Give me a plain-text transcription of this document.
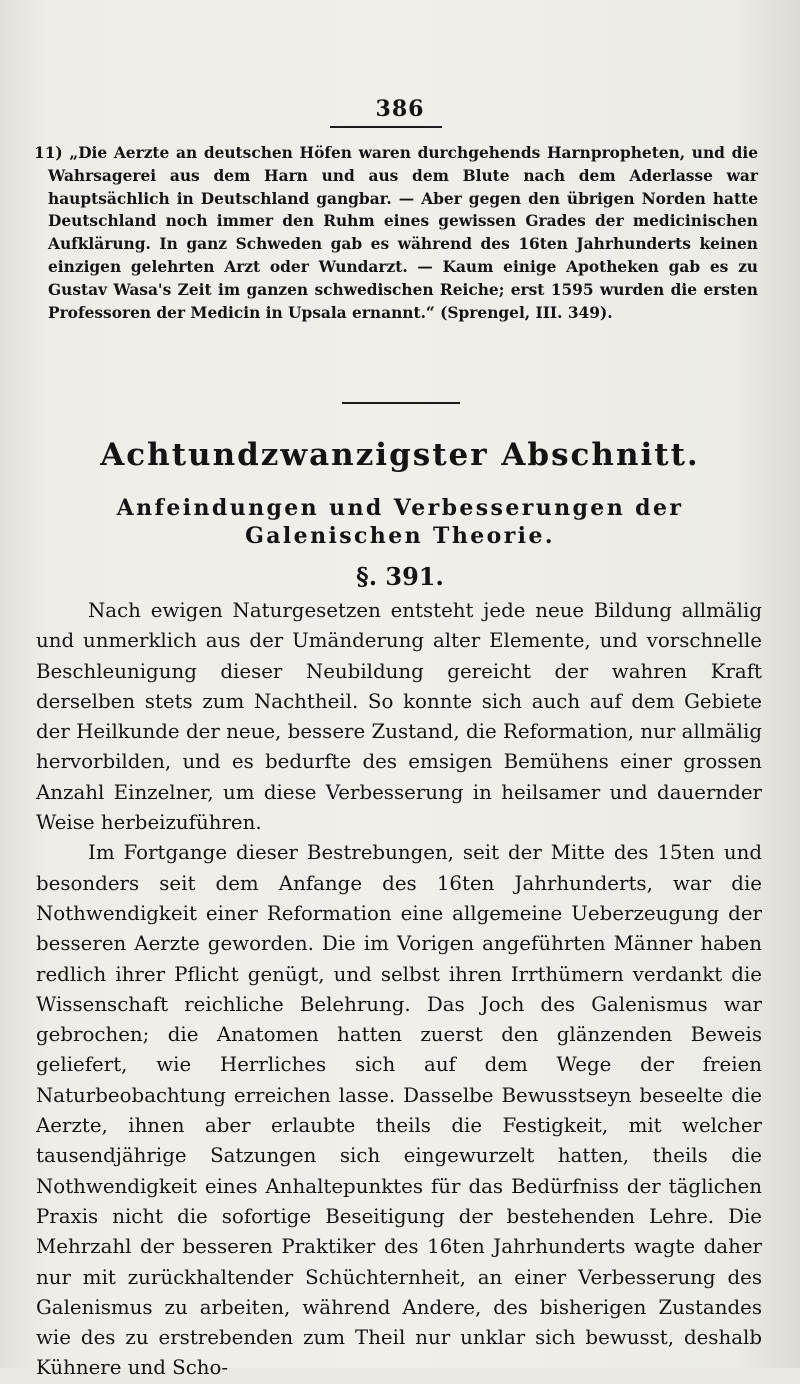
386

11) „Die Aerzte an deutschen Höfen waren durchgehends Harnpropheten, und die Wahrsagerei aus dem Harn und aus dem Blute nach dem Aderlasse war hauptsächlich in Deutschland gangbar. — Aber gegen den übrigen Norden hatte Deutschland noch immer den Ruhm eines gewissen Grades der medicinischen Aufklärung. In ganz Schweden gab es während des 16ten Jahrhunderts keinen einzigen gelehrten Arzt oder Wundarzt. — Kaum einige Apotheken gab es zu Gustav Wasa's Zeit im ganzen schwedischen Reiche; erst 1595 wurden die ersten Professoren der Medicin in Upsala ernannt.“ (Sprengel, III. 349).

Achtundzwanzigster Abschnitt.
Anfeindungen und Verbesserungen der Galenischen Theorie.
§. 391.

Nach ewigen Naturgesetzen entsteht jede neue Bildung allmälig und unmerklich aus der Umänderung alter Elemente, und vorschnelle Beschleunigung dieser Neubildung gereicht der wahren Kraft derselben stets zum Nachtheil. So konnte sich auch auf dem Gebiete der Heilkunde der neue, bessere Zustand, die Reformation, nur allmälig hervorbilden, und es bedurfte des emsigen Bemühens einer grossen Anzahl Einzelner, um diese Verbesserung in heilsamer und dauernder Weise herbeizuführen.

Im Fortgange dieser Bestrebungen, seit der Mitte des 15ten und besonders seit dem Anfange des 16ten Jahrhunderts, war die Nothwendigkeit einer Reformation eine allgemeine Ueberzeugung der besseren Aerzte geworden. Die im Vorigen angeführten Männer haben redlich ihrer Pflicht genügt, und selbst ihren Irrthümern verdankt die Wissenschaft reichliche Belehrung. Das Joch des Galenismus war gebrochen; die Anatomen hatten zuerst den glänzenden Beweis geliefert, wie Herrliches sich auf dem Wege der freien Naturbeobachtung erreichen lasse. Dasselbe Bewusstseyn beseelte die Aerzte, ihnen aber erlaubte theils die Festigkeit, mit welcher tausendjährige Satzungen sich eingewurzelt hatten, theils die Nothwendigkeit eines Anhaltepunktes für das Bedürfniss der täglichen Praxis nicht die sofortige Beseitigung der bestehenden Lehre. Die Mehrzahl der besseren Praktiker des 16ten Jahrhunderts wagte daher nur mit zurückhaltender Schüchternheit, an einer Verbesserung des Galenismus zu arbeiten, während Andere, des bisherigen Zustandes wie des zu erstrebenden zum Theil nur unklar sich bewusst, deshalb Kühnere und Scho-
